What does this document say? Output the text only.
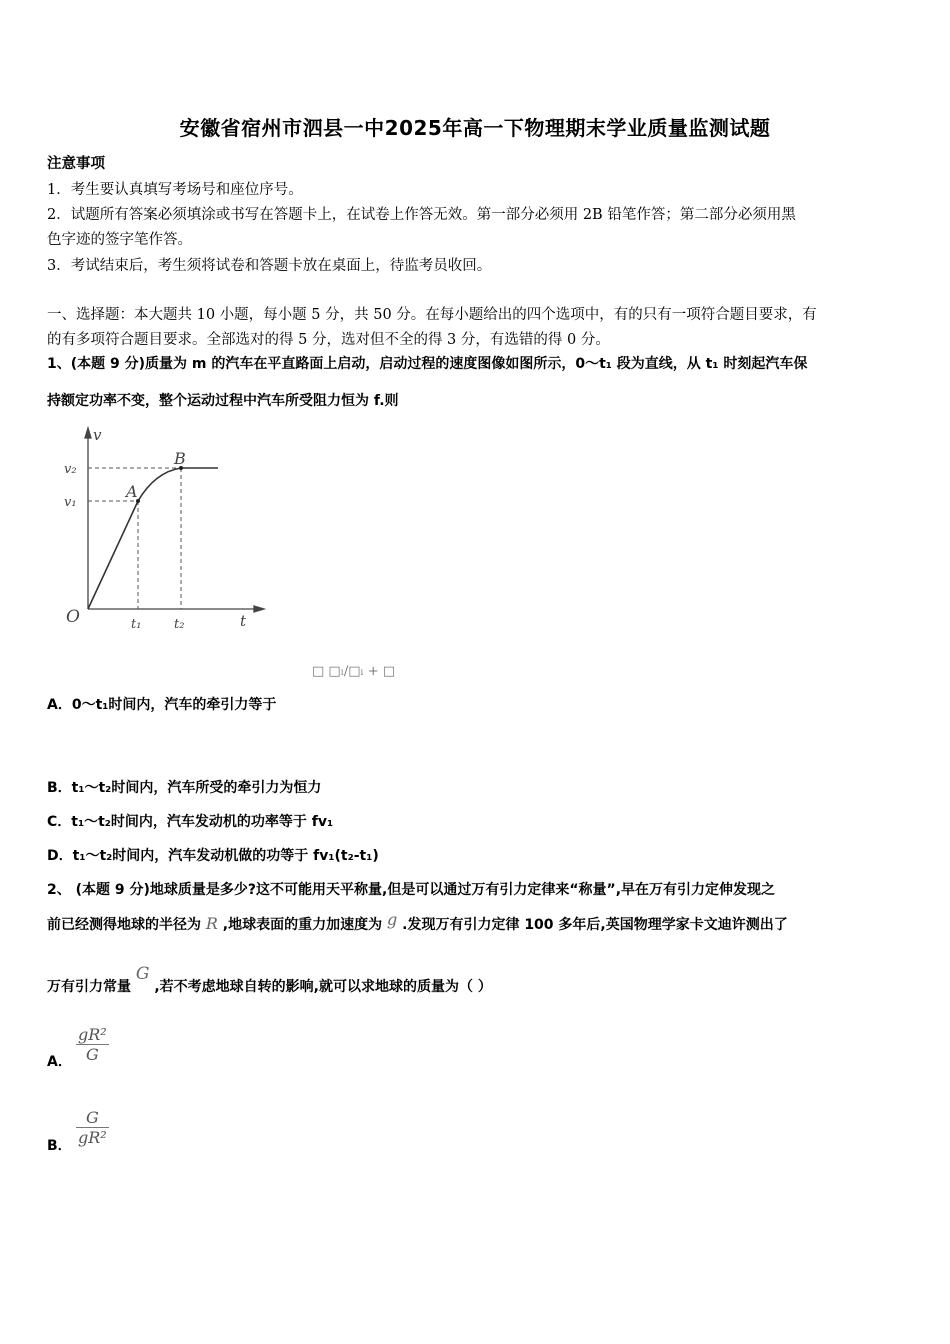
安徽省宿州市泗县一中2025年高一下物理期末学业质量监测试题
注意事项
1．考生要认真填写考场号和座位序号。
2．试题所有答案必须填涂或书写在答题卡上，在试卷上作答无效。第一部分必须用 2B 铅笔作答；第二部分必须用黑
色字迹的签字笔作答。
3．考试结束后，考生须将试卷和答题卡放在桌面上，待监考员收回。
一、选择题：本大题共 10 小题，每小题 5 分，共 50 分。在每小题给出的四个选项中，有的只有一项符合题目要求，有
的有多项符合题目要求。全部选对的得 5 分，选对但不全的得 3 分，有选错的得 0 分。
1、(本题 9 分)质量为 m 的汽车在平直路面上启动，启动过程的速度图像如图所示，0～t₁ 段为直线，从 t₁ 时刻起汽车保
持额定功率不变，整个运动过程中汽车所受阻力恒为 f.则
v
t
O
v₂
v₁
t₁	t₂
A
B
□ □ₗ/□ₗ + □
A．0～t₁时间内，汽车的牵引力等于
B．t₁～t₂时间内，汽车所受的牵引力为恒力
C．t₁～t₂时间内，汽车发动机的功率等于 fv₁
D．t₁～t₂时间内，汽车发动机做的功等于 fv₁(t₂-t₁)
2、 (本题 9 分)地球质量是多少?这不可能用天平称量,但是可以通过万有引力定律来“称量”,早在万有引力定伸发现之
前已经测得地球的半径为 R ,地球表面的重力加速度为 g .发现万有引力定律 100 多年后,英国物理学家卡文迪许测出了
万有引力常量 G ,若不考虑地球自转的影响,就可以求地球的质量为（ ）
A． $\frac{\text{gR²}}{G}$
B． $\frac{G}{\text{gR²}}$
